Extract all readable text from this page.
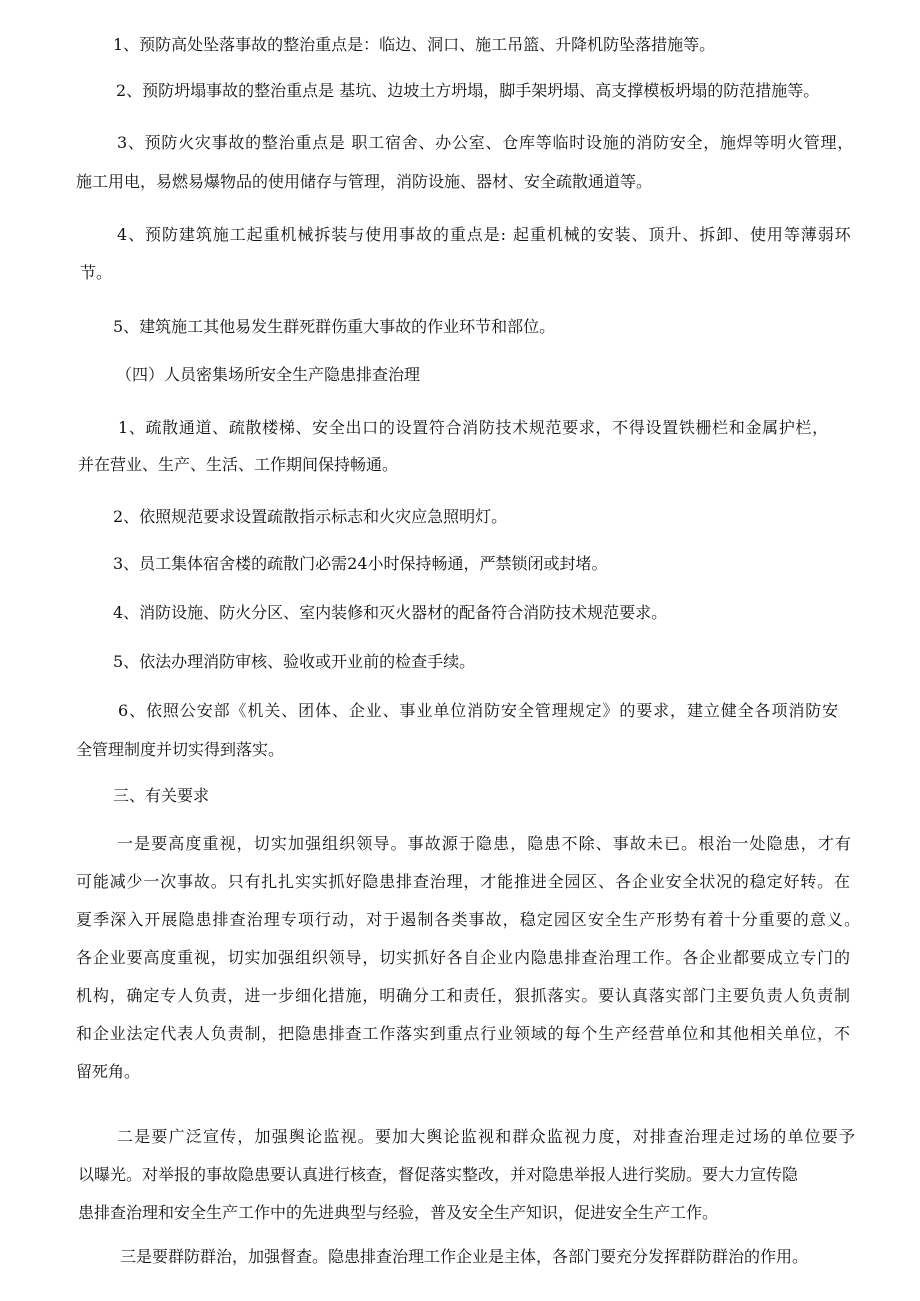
1、预防高处坠落事故的整治重点是：临边、洞口、施工吊篮、升降机防坠落措施等。
2、预防坍塌事故的整治重点是 基坑、边坡土方坍塌，脚手架坍塌、高支撑模板坍塌的防范措施等。
3、预防火灾事故的整治重点是 职工宿舍、办公室、仓库等临时设施的消防安全，施焊等明火管理，
施工用电，易燃易爆物品的使用储存与管理，消防设施、器材、安全疏散通道等。
4、预防建筑施工起重机械拆装与使用事故的重点是: 起重机械的安装、顶升、拆卸、使用等薄弱环
节。
5、建筑施工其他易发生群死群伤重大事故的作业环节和部位。
（四）人员密集场所安全生产隐患排查治理
1、疏散通道、疏散楼梯、安全出口的设置符合消防技术规范要求，不得设置铁栅栏和金属护栏，
并在营业、生产、生活、工作期间保持畅通。
2、依照规范要求设置疏散指示标志和火灾应急照明灯。
3、员工集体宿舍楼的疏散门必需24小时保持畅通，严禁锁闭或封堵。
4、消防设施、防火分区、室内装修和灭火器材的配备符合消防技术规范要求。
5、依法办理消防审核、验收或开业前的检查手续。
6、依照公安部《机关、团体、企业、事业单位消防安全管理规定》的要求，建立健全各项消防安
全管理制度并切实得到落实。
三、有关要求
一是要高度重视，切实加强组织领导。事故源于隐患，隐患不除、事故未已。根治一处隐患，才有
可能减少一次事故。只有扎扎实实抓好隐患排查治理，才能推进全园区、各企业安全状况的稳定好转。在
夏季深入开展隐患排查治理专项行动，对于遏制各类事故，稳定园区安全生产形势有着十分重要的意义。
各企业要高度重视，切实加强组织领导，切实抓好各自企业内隐患排查治理工作。各企业都要成立专门的
机构，确定专人负责，进一步细化措施，明确分工和责任，狠抓落实。要认真落实部门主要负责人负责制
和企业法定代表人负责制，把隐患排查工作落实到重点行业领域的每个生产经营单位和其他相关单位，不
留死角。
二是要广泛宣传，加强舆论监视。要加大舆论监视和群众监视力度，对排查治理走过场的单位要予
以曝光。对举报的事故隐患要认真进行核查，督促落实整改，并对隐患举报人进行奖励。要大力宣传隐
患排查治理和安全生产工作中的先进典型与经验，普及安全生产知识，促进安全生产工作。
三是要群防群治，加强督查。隐患排查治理工作企业是主体，各部门要充分发挥群防群治的作用。
